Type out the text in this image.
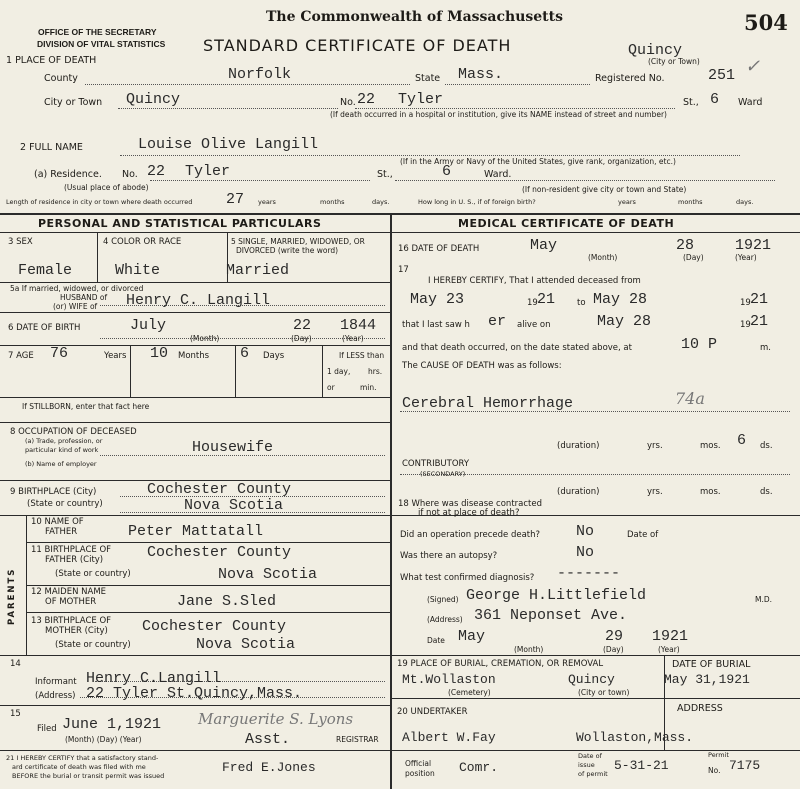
OFFICE OF THE SECRETARY
DIVISION OF VITAL STATISTICS
The Commonwealth of Massachusetts
STANDARD CERTIFICATE OF DEATH	Quincy
(City or Town)
504
1 PLACE OF DEATH
County	Norfolk	State Mass.	Registered No.	251 ✓
City or Town Quincy	No. 22 Tyler	St., 6 Ward
(If death occurred in a hospital or institution, give its NAME instead of street and number)
2 FULL NAME	Louise Olive Langill
(If in the Army or Navy of the United States, give rank, organization, etc.)
(a) Residence. No. 22 Tyler	St.,	6	Ward.
(Usual place of abode)	(If non-resident give city or town and State)
Length of residence in city or town where death occurred 27 years	months	days.	How long in U. S., if of foreign birth?	years	months	days.
PERSONAL AND STATISTICAL PARTICULARS
3 SEX
Female
4 COLOR OR RACE
White
5 SINGLE, MARRIED, WIDOWED, OR
DIVORCED (write the word)
Married
5a If married, widowed, or divorced
HUSBAND of
(or) WIFE of Henry C. Langill
6 DATE OF BIRTH	July	22 1844
(Month)	(Day)	(Year)
7 AGE 76	Years 10 Months 6 Days	If LESS than
1 day, hrs.
or	min.
If STILLBORN, enter that fact here
8 OCCUPATION OF DECEASED
(a) Trade, profession, or
particular kind of work	Housewife
(b) Name of employer
9 BIRTHPLACE (City)
(State or country)
Cochester County
Nova Scotia
PARENTS
10 NAME OF
FATHER	Peter Mattatall
11 BIRTHPLACE OF
FATHER (City)
(State or country)
Cochester County
Nova Scotia
12 MAIDEN NAME
OF MOTHER	Jane S.Sled
13 BIRTHPLACE OF
MOTHER (City)
(State or country)
Cochester County
Nova Scotia
14
Informant Henry C.Langill
(Address) 22 Tyler St.Quincy,Mass.
15
Filed June 1,1921
(Month) (Day) (Year)
Marguerite S. Lyons
Asst.	REGISTRAR
MEDICAL CERTIFICATE OF DEATH
16 DATE OF DEATH	May	28	1921
(Month)	(Day)	(Year)
17
I HEREBY CERTIFY, That I attended deceased from
May 23	19 21	to May 28	19 21
that I last saw h er alive on	May 28	19 21
and that death occurred, on the date stated above, at	10 P	m.
The CAUSE OF DEATH was as follows:
Cerebral Hemorrhage	74a
(duration)	yrs.	mos. 6 ds.
CONTRIBUTORY
(SECONDARY)
(duration)	yrs.	mos.	ds.
18 Where was disease contracted
if not at place of death?
Did an operation precede death? No	Date of
Was there an autopsy?	No
What test confirmed diagnosis? -------
(Signed) George H.Littlefield	M.D.
(Address) 361 Neponset Ave.
Date May	29 1921
(Month)	(Day)	(Year)
19 PLACE OF BURIAL, CREMATION, OR REMOVAL
Mt.Wollaston	Quincy
(Cemetery)	(City or town)
DATE OF BURIAL
May 31,1921
20 UNDERTAKER
Albert W.Fay
ADDRESS
Wollaston,Mass.
21 I HEREBY CERTIFY that a satisfactory stand-
ard certificate of death was filed with me
BEFORE the burial or transit permit was issued
Fred E.Jones	Official
position Comr.
Date of
issue
of permit
5-31-21
Permit
No. 7175
